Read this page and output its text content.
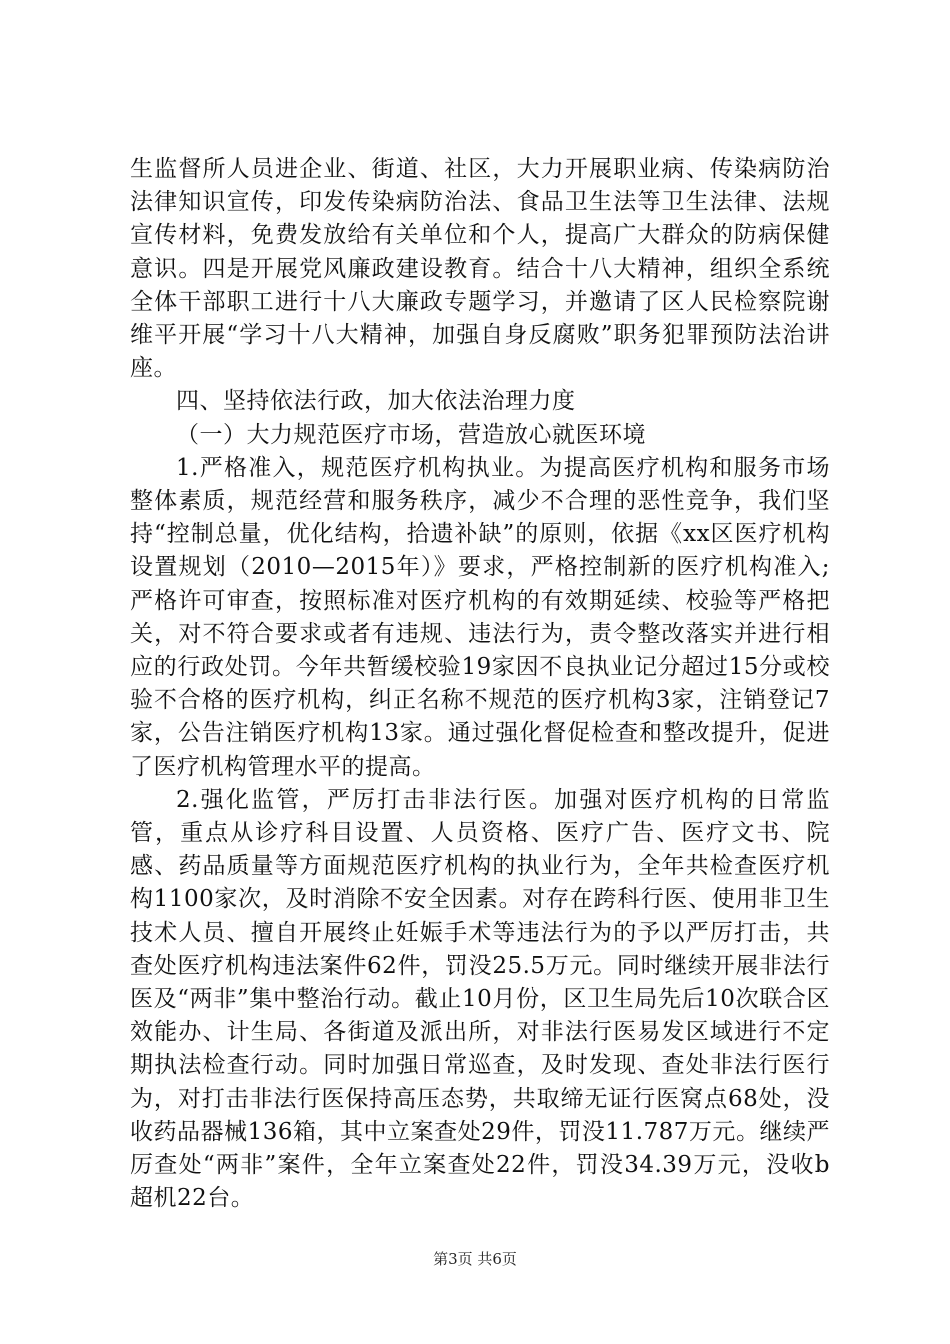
生监督所人员进企业、街道、社区，大力开展职业病、传染病防治法律知识宣传，印发传染病防治法、食品卫生法等卫生法律、法规宣传材料，免费发放给有关单位和个人，提高广大群众的防病保健意识。四是开展党风廉政建设教育。结合十八大精神，组织全系统全体干部职工进行十八大廉政专题学习，并邀请了区人民检察院谢维平开展“学习十八大精神，加强自身反腐败”职务犯罪预防法治讲座。

四、坚持依法行政，加大依法治理力度

（一）大力规范医疗市场，营造放心就医环境

1.严格准入，规范医疗机构执业。为提高医疗机构和服务市场整体素质，规范经营和服务秩序，减少不合理的恶性竞争，我们坚持“控制总量，优化结构，拾遗补缺”的原则，依据《xx区医疗机构设置规划（2010—2015年）》要求，严格控制新的医疗机构准入;严格许可审查，按照标准对医疗机构的有效期延续、校验等严格把关，对不符合要求或者有违规、违法行为，责令整改落实并进行相应的行政处罚。今年共暂缓校验19家因不良执业记分超过15分或校验不合格的医疗机构，纠正名称不规范的医疗机构3家，注销登记7家，公告注销医疗机构13家。通过强化督促检查和整改提升，促进了医疗机构管理水平的提高。

2.强化监管，严厉打击非法行医。加强对医疗机构的日常监管，重点从诊疗科目设置、人员资格、医疗广告、医疗文书、院感、药品质量等方面规范医疗机构的执业行为，全年共检查医疗机构1100家次，及时消除不安全因素。对存在跨科行医、使用非卫生技术人员、擅自开展终止妊娠手术等违法行为的予以严厉打击，共查处医疗机构违法案件62件，罚没25.5万元。同时继续开展非法行医及“两非”集中整治行动。截止10月份，区卫生局先后10次联合区效能办、计生局、各街道及派出所，对非法行医易发区域进行不定期执法检查行动。同时加强日常巡查，及时发现、查处非法行医行为，对打击非法行医保持高压态势，共取缔无证行医窝点68处，没收药品器械136箱，其中立案查处29件，罚没11.787万元。继续严厉查处“两非”案件，全年立案查处22件，罚没34.39万元，没收b超机22台。

第3页 共6页
